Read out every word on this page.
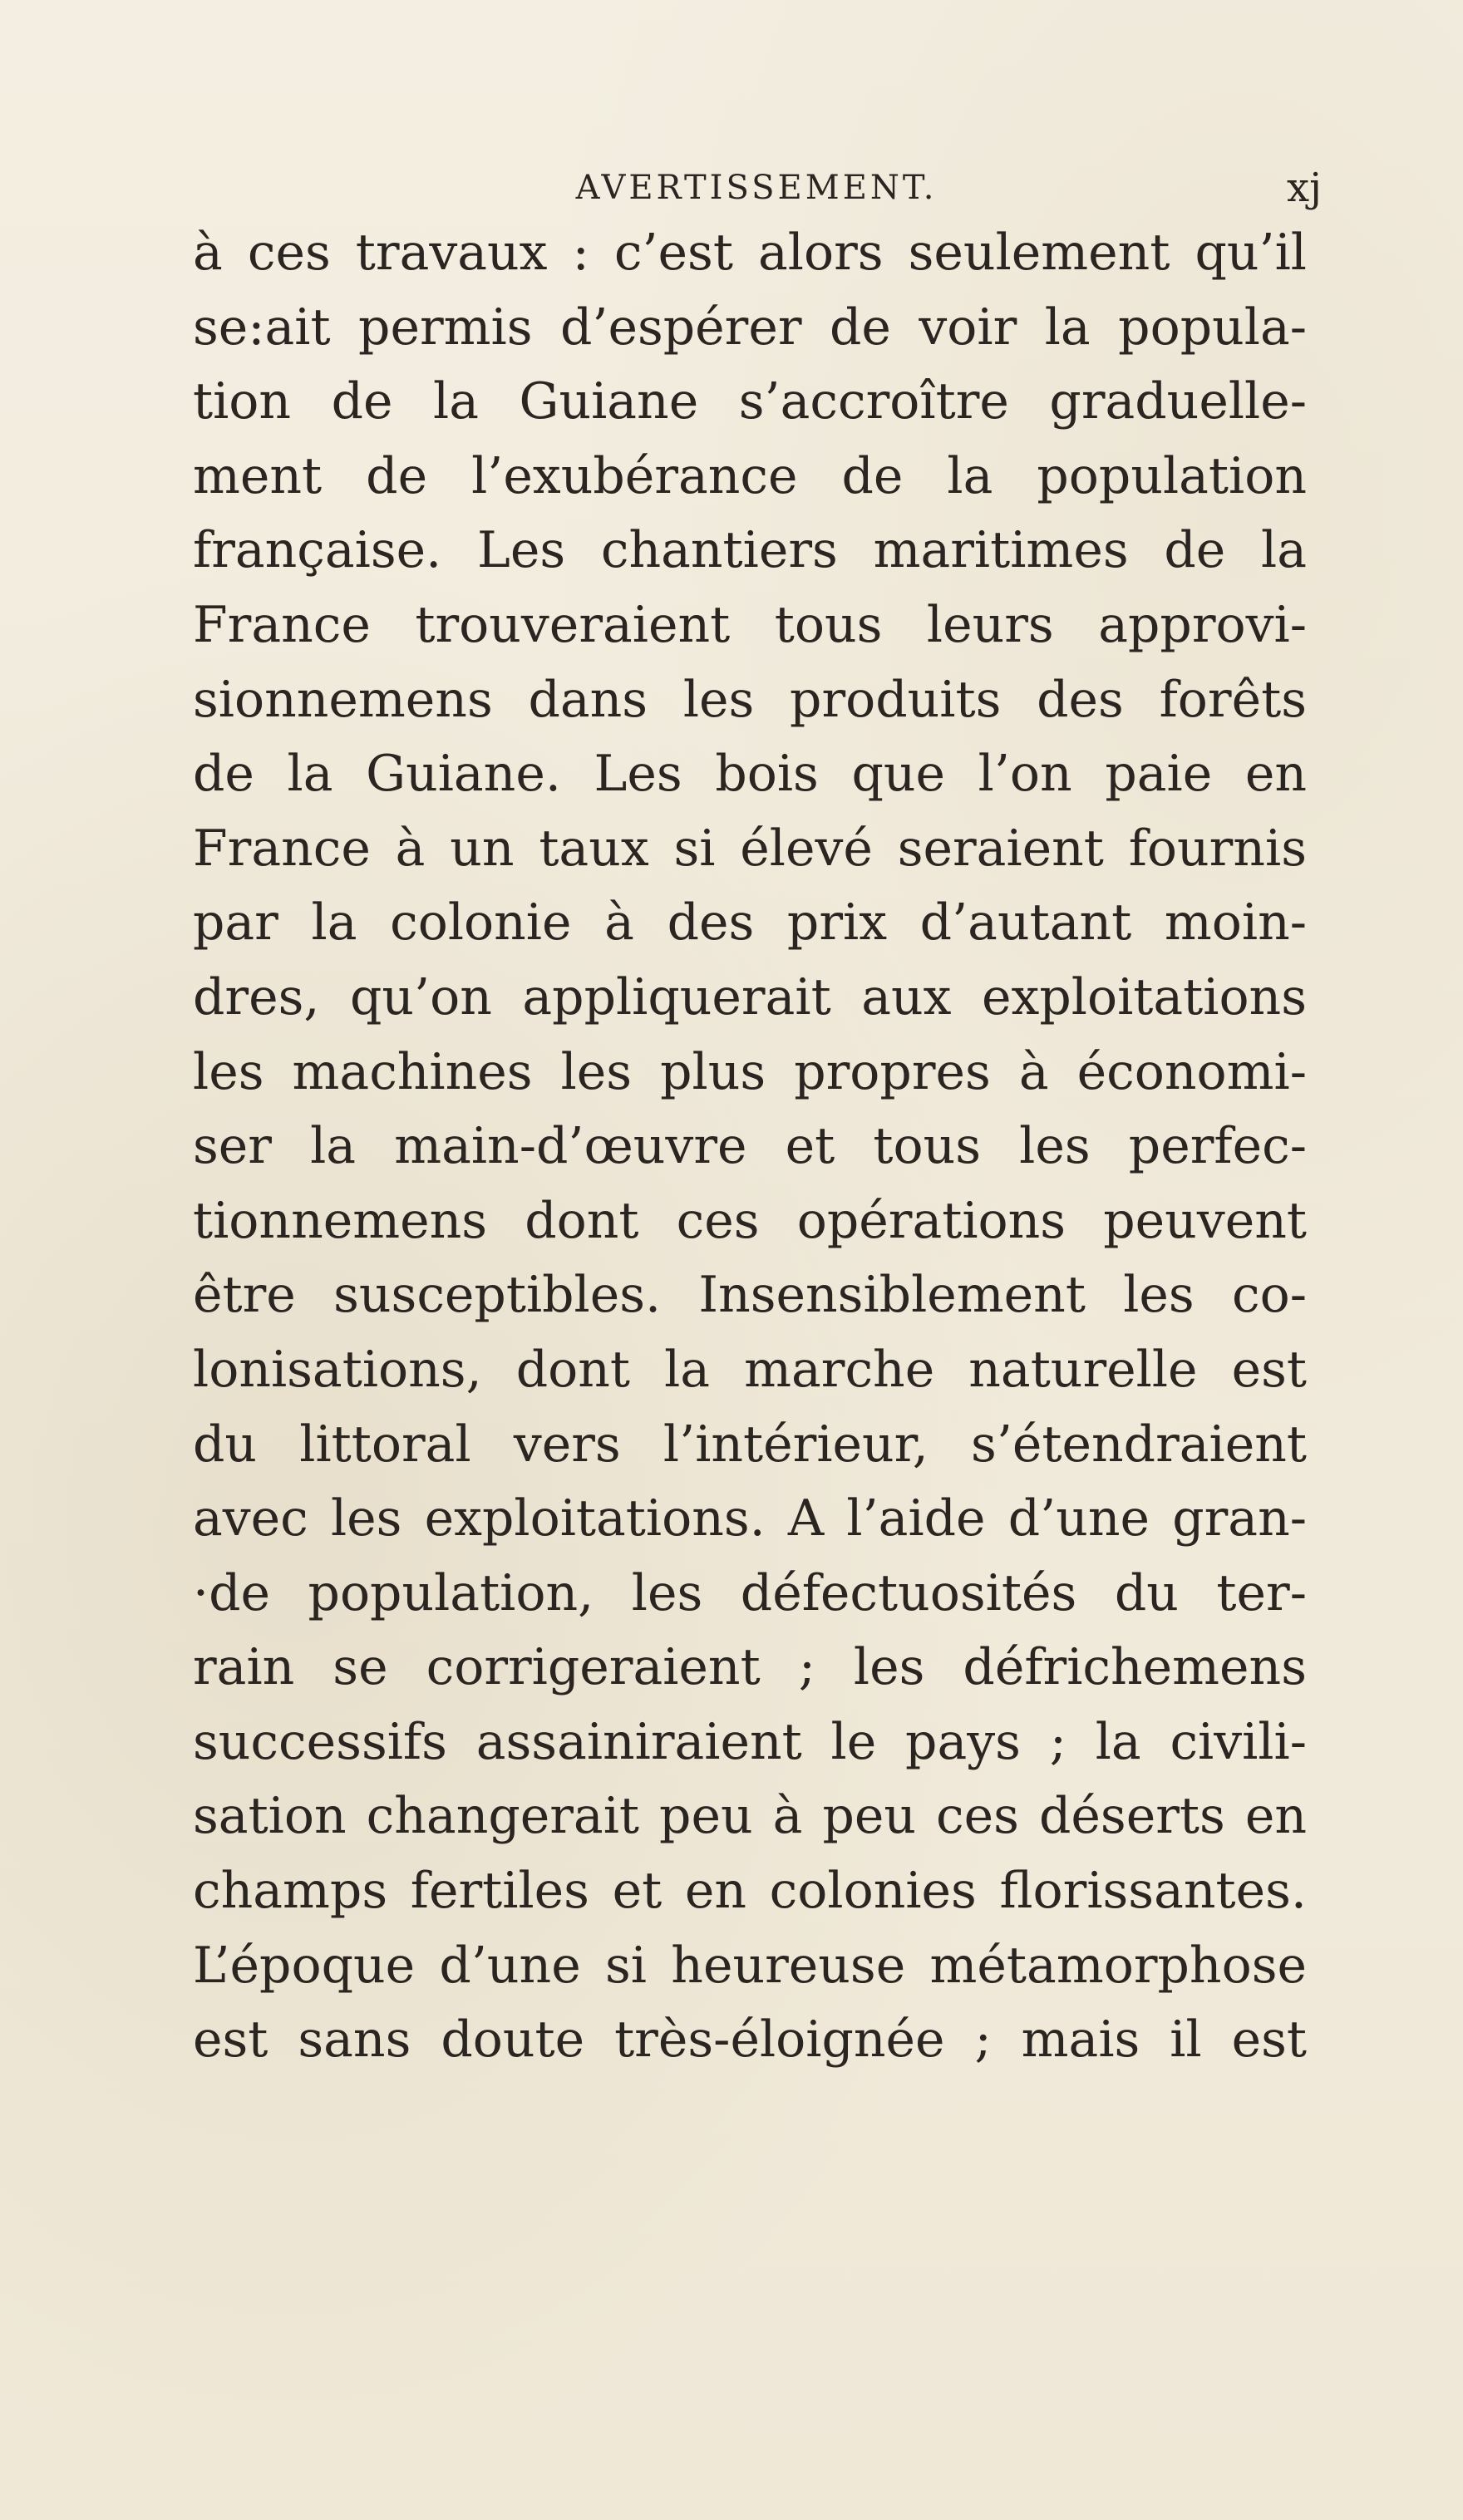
AVERTISSEMENT.	xj
à ces travaux : c’est alors seulement qu’il
se:ait permis d’espérer de voir la popula-
tion de la Guiane s’accroître graduelle-
ment de l’exubérance de la population
française. Les chantiers maritimes de la
France trouveraient tous leurs approvi-
sionnemens dans les produits des forêts
de la Guiane. Les bois que l’on paie en
France à un taux si élevé seraient fournis
par la colonie à des prix d’autant moin-
dres, qu’on appliquerait aux exploitations
les machines les plus propres à économi-
ser la main-d’œuvre et tous les perfec-
tionnemens dont ces opérations peuvent
être susceptibles. Insensiblement les co-
lonisations, dont la marche naturelle est
du littoral vers l’intérieur, s’étendraient
avec les exploitations. A l’aide d’une gran-
·de population, les défectuosités du ter-
rain se corrigeraient ; les défrichemens
successifs assainiraient le pays ; la civili-
sation changerait peu à peu ces déserts en
champs fertiles et en colonies florissantes.
L’époque d’une si heureuse métamorphose
est sans doute très-éloignée ; mais il est
